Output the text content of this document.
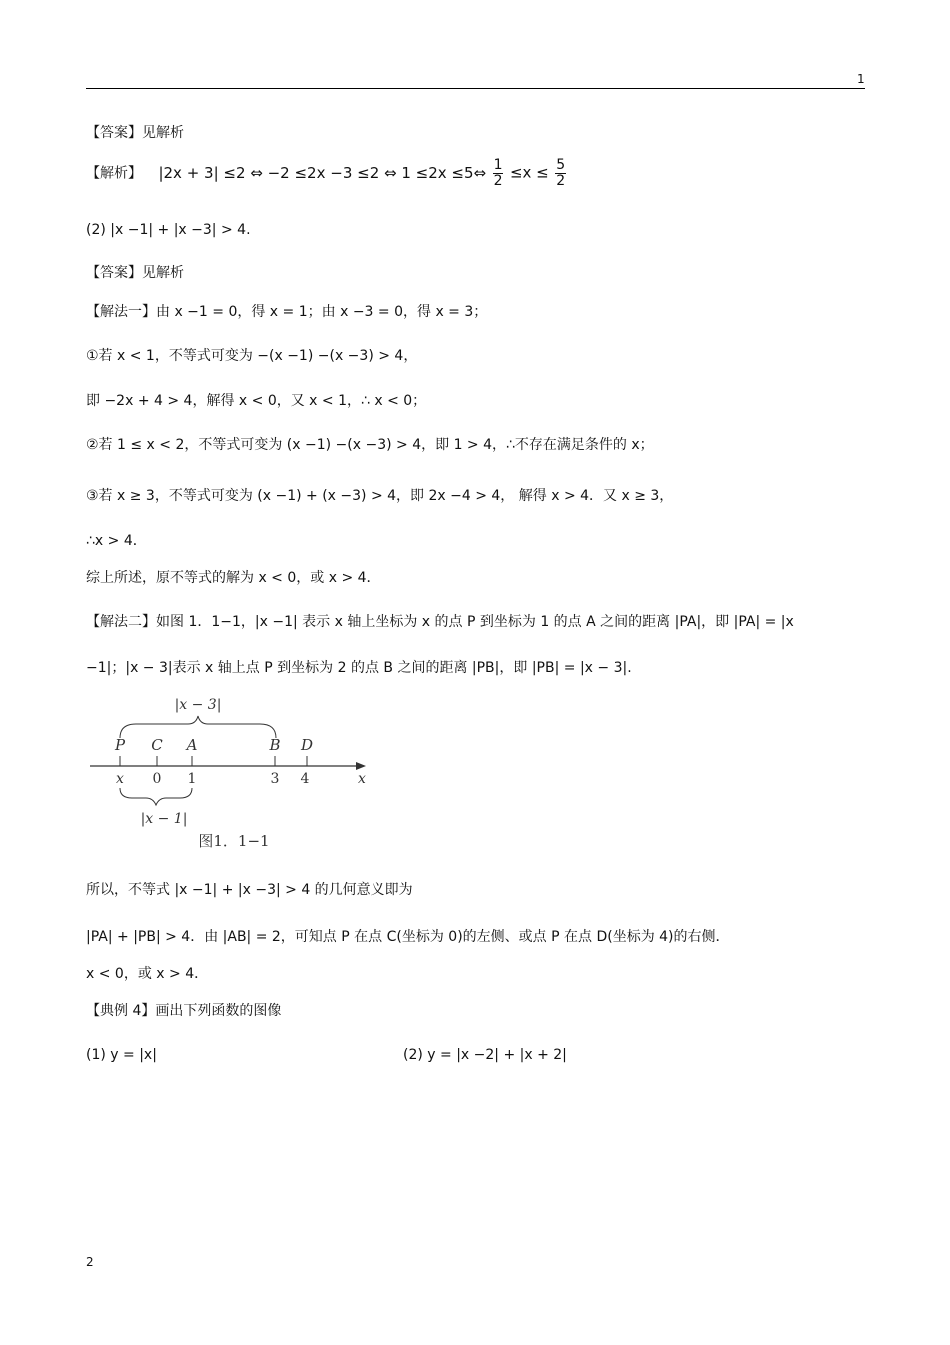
1
【答案】见解析
【解析】 |2x + 3| ≤2 ⇔ −2 ≤2x −3 ≤2 ⇔ 1 ≤2x ≤5⇔ $\frac{1}{2} \le x \le \frac{5}{2}$
(2) |x −1| + |x −3| > 4.
【答案】见解析
【解法一】由 x −1 = 0，得 x = 1；由 x −3 = 0，得 x = 3；
①若 x < 1，不等式可变为 −(x −1) −(x −3) > 4，
即 −2x + 4 > 4，解得 x < 0，又 x < 1，∴ x < 0；
②若 1 ≤ x < 2，不等式可变为 (x −1) −(x −3) > 4，即 1 > 4，∴不存在满足条件的 x；
③若 x ≥ 3，不等式可变为 (x −1) + (x −3) > 4，即 2x −4 > 4， 解得 x > 4．又 x ≥ 3，
∴x > 4．
综上所述，原不等式的解为 x < 0，或 x > 4．
【解法二】如图 1．1−1，|x −1| 表示 x 轴上坐标为 x 的点 P 到坐标为 1 的点 A 之间的距离 |PA|，即 |PA| = |x
−1|；|x − 3|表示 x 轴上点 P 到坐标为 2 的点 B 之间的距离 |PB|，即 |PB| = |x − 3|.
|x − 3|
P C A	B D
x 0 1	3 4	x
|x − 1|
图1．1−1
所以，不等式 |x −1| + |x −3| > 4 的几何意义即为
|PA| + |PB| > 4．由 |AB| = 2，可知点 P 在点 C(坐标为 0)的左侧、或点 P 在点 D(坐标为 4)的右侧．
x < 0，或 x > 4．
【典例 4】画出下列函数的图像
(1) y = |x|	(2) y = |x −2| + |x + 2|
2
